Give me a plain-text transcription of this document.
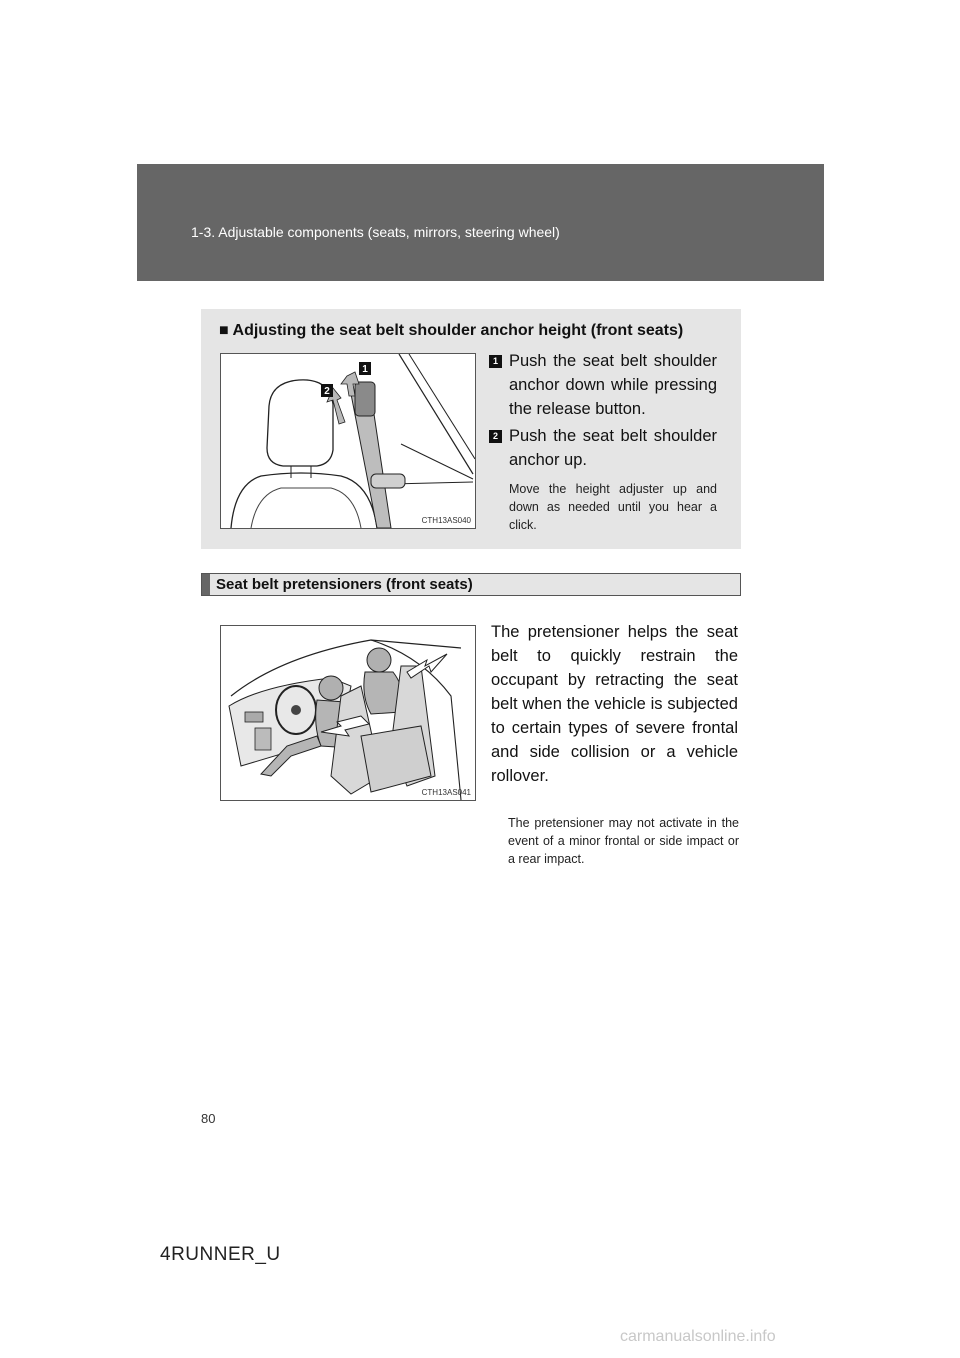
1-3. Adjustable components (seats, mirrors, steering wheel)
■ Adjusting the seat belt shoulder anchor height (front seats)
1
2
CTH13AS040
1 Push the seat belt shoulder anchor down while pressing the release button.
2 Push the seat belt shoulder anchor up.
Move the height adjuster up and down as needed until you hear a click.
Seat belt pretensioners (front seats)
CTH13AS041
The pretensioner helps the seat belt to quickly restrain the occupant by retracting the seat belt when the vehicle is subjected to certain types of severe frontal and side collision or a vehicle rollover.
The pretensioner may not activate in the event of a minor frontal or side impact or a rear impact.
80
4RUNNER_U
carmanualsonline.info
